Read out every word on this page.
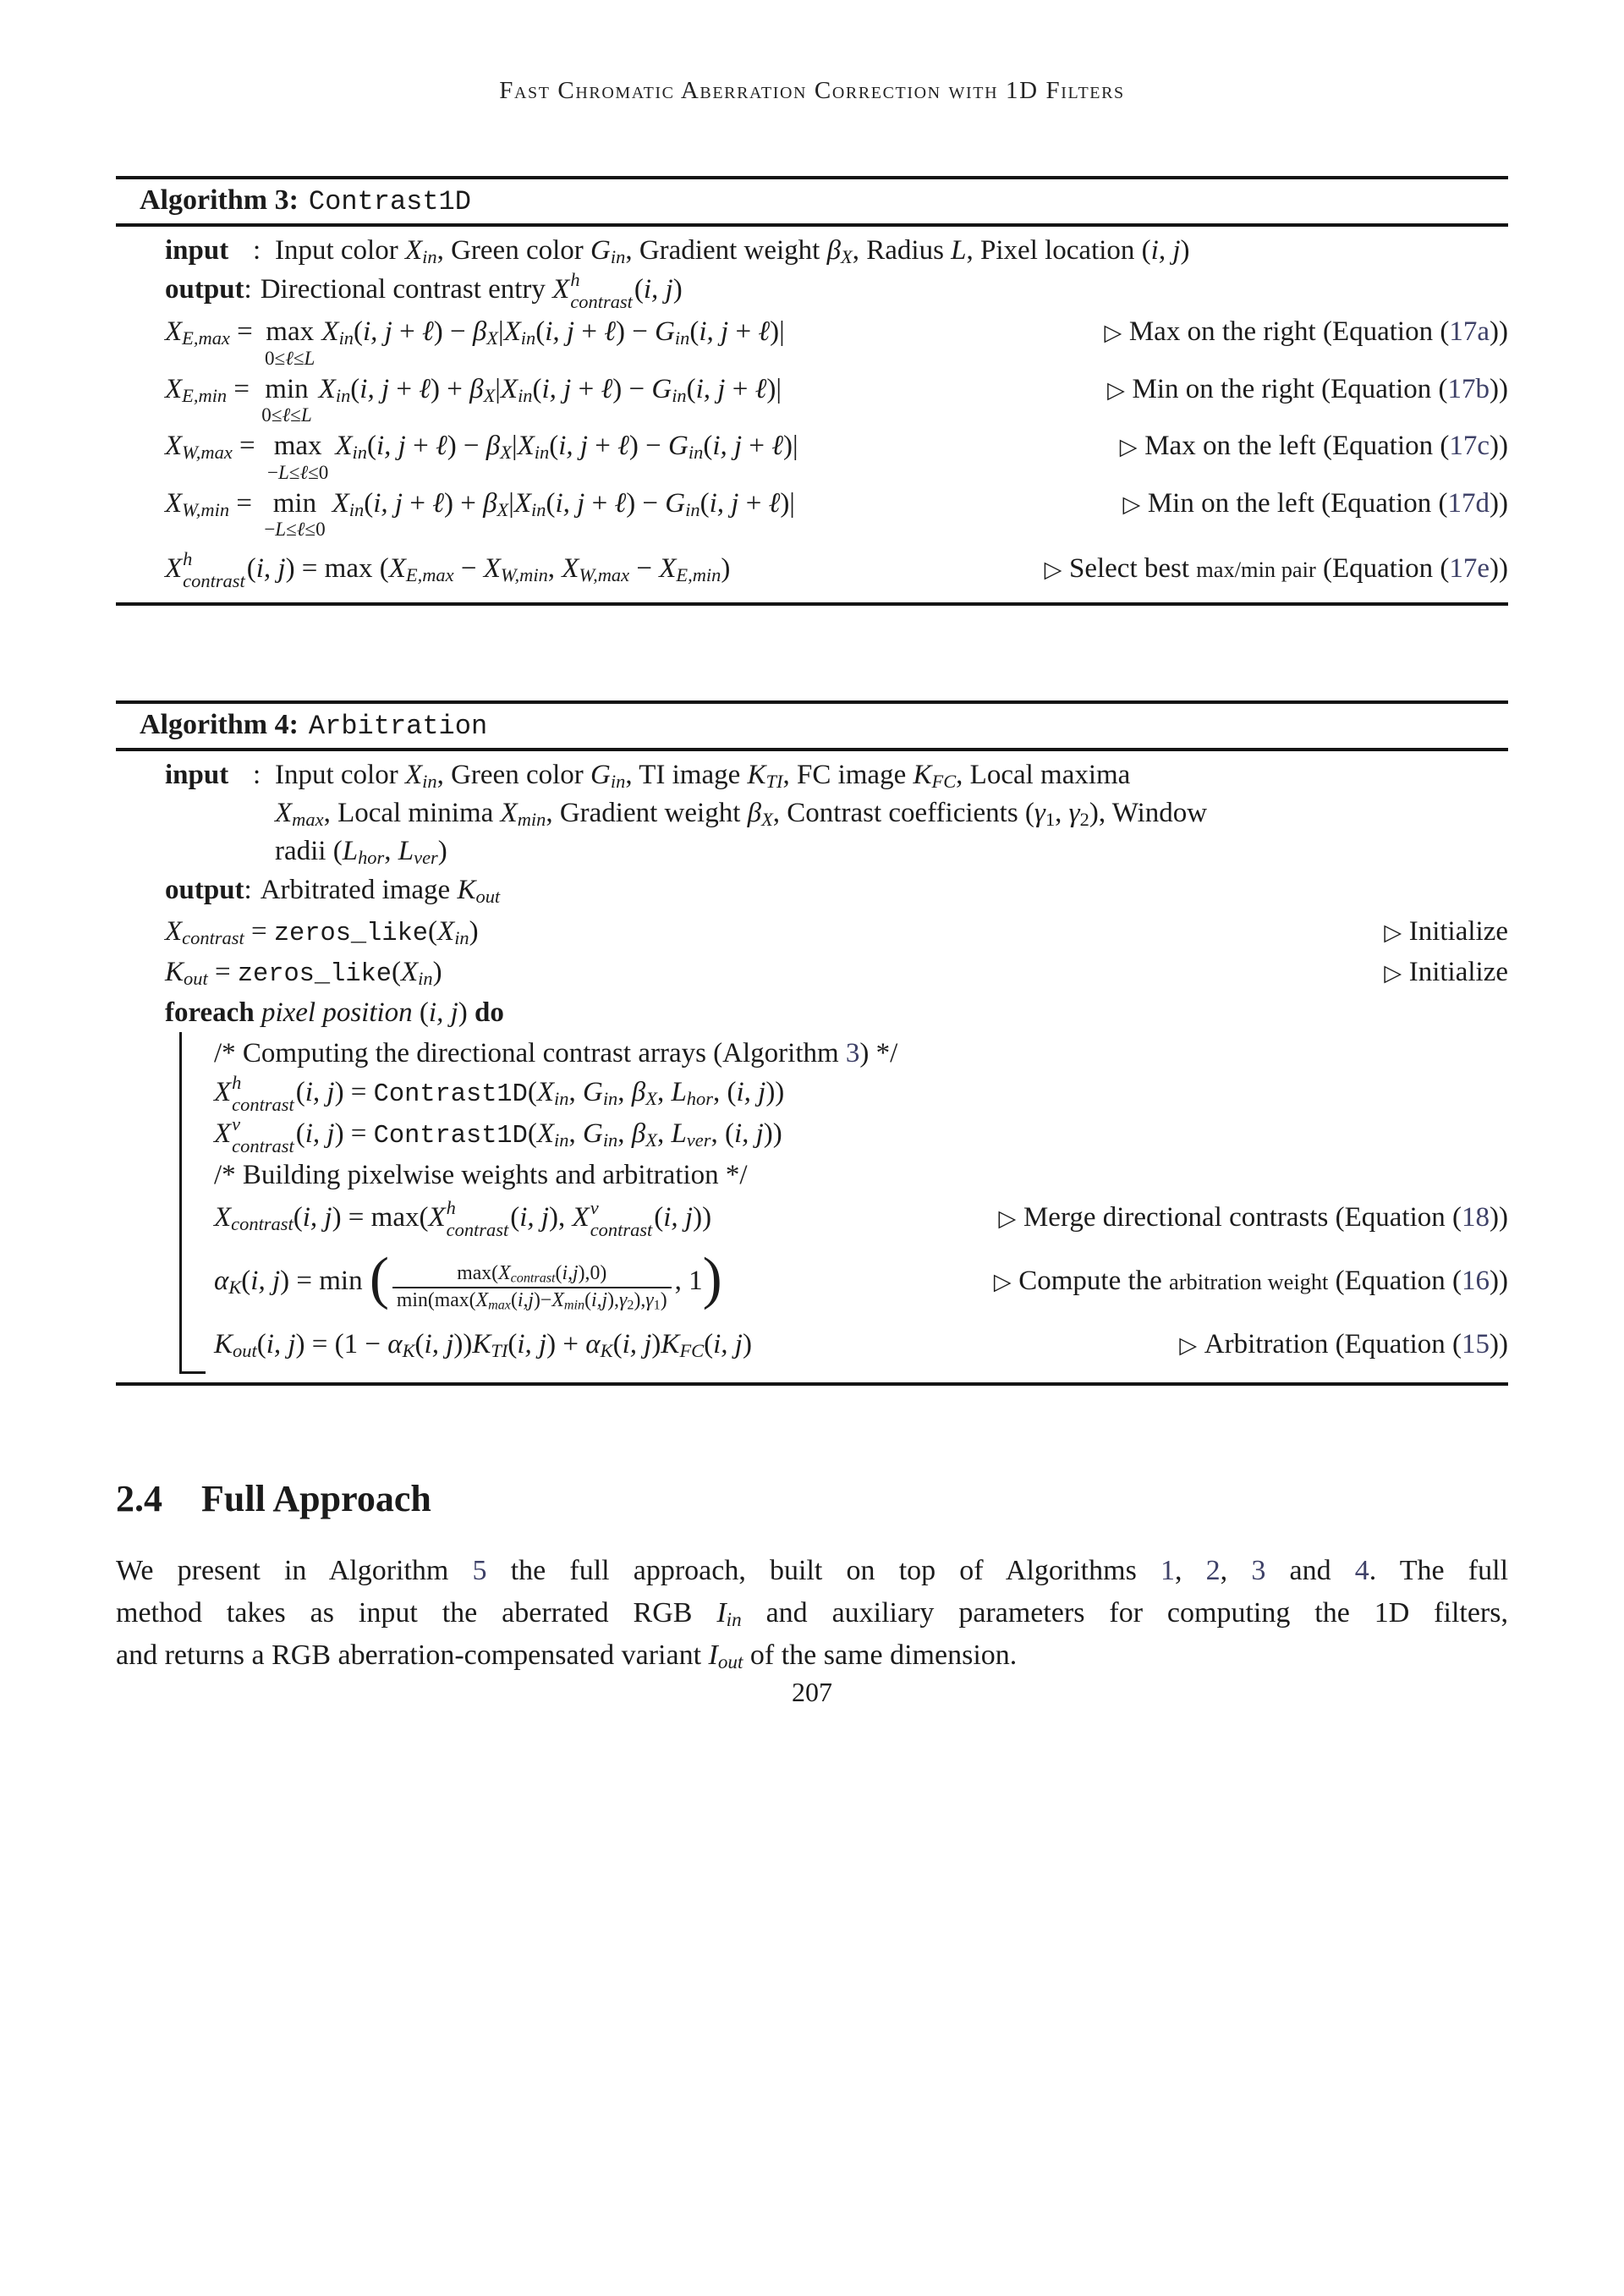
Fast Chromatic Aberration Correction with 1D Filters
Algorithm 3: Contrast1D
input : Input color $X_{in}$, Green color $G_{in}$, Gradient weight $\beta_X$, Radius L, Pixel location (i, j)
output: Directional contrast entry X h
contrast (i, j)
$X_{E,max} = \max$
0≤ℓ≤L
$X_{in}(i$, j + ℓ) − $\beta_X|X_{in}(i$, j + ℓ) − $G_{in}(i$, j + ℓ)|	▷ Max on the right (Equation (17a))
$X_{E,min} = \min$
0≤ℓ≤L
$X_{in}(i$, j + ℓ) + $\beta_X|X_{in}(i$, j + ℓ) − $G_{in}(i$, j + ℓ)|	▷ Min on the right (Equation (17b))
$X_{W,max} = \max$
−L≤ℓ≤0
$X_{in}(i$, j + ℓ) − $\beta_X|X_{in}(i$, j + ℓ) − $G_{in}(i$, j + ℓ)|	▷ Max on the left (Equation (17c))
$X_{W,min} = \min$
−L≤ℓ≤0
$X_{in}(i$, j + ℓ) + $\beta_X|X_{in}(i$, j + ℓ) − $G_{in}(i$, j + ℓ)|	▷ Min on the left (Equation (17d))
X h
contrast (i, $j) = \max (X_{E,max} - X_{W,min}$, $X_{W,max} - X_{E,min}$)	▷ Select best max/min pair (Equation (17e))
Algorithm 4: Arbitration
input : Input color $X_{in}$, Green color $G_{in}$, TI image $K_{TI}$, FC image $K_{FC}$, Local maxima
$X_{max}$, Local minima $X_{min}$, Gradient weight $\beta_X$, Contrast coefficients ($\gamma_1$, $\gamma_2$), Window
radii ($L_{hor}$, $L_{ver}$)
output: Arbitrated image $K_{out}$
$X_{contrast}$ = $zeros\_like(X_{in})$	▷ Initialize
$K_{out}$ = $zeros\_like(X_{in})$	▷ Initialize
foreach pixel position (i, j) do
/* Computing the directional contrast arrays (Algorithm 3) */
X h
contrast (i, $j) = Contrast1D(X_{in}$, $G_{in}$, $\beta_X$, $L_{hor}$, (i, j))
X v
contrast (i, $j) = Contrast1D(X_{in}$, $G_{in}$, $\beta_X$, $L_{ver}$, (i, j))
/* Building pixelwise weights and arbitration */
$X_{contrast}(i$, j) = max(X h
contrast (i, j), X v
contrast (i, j))	▷ Merge directional contrasts (Equation (18))
$\alpha_K(i$, j) = min ( $\frac{\max(X_{contrast}(i,j),0)}{\min(\max(X_{max}(i,j)-X_{min}(i,j),\gamma_2),\gamma_1)}$ , 1)	▷ Compute the arbitration weight (Equation (16))
$K_{out}(i$, $j) = (1 - \alpha_K(i$, $j))K_{TI}(i$, $j) + \alpha_K(i$, $j)K_{FC}(i$, j)	▷ Arbitration (Equation (15))
2.4 Full Approach
We present in Algorithm 5 the full approach, built on top of Algorithms 1, 2, 3 and 4. The full
method takes as input the aberrated RGB $I_{in}$ and auxiliary parameters for computing the 1D filters,
and returns a RGB aberration-compensated variant $I_{out}$ of the same dimension.
207
